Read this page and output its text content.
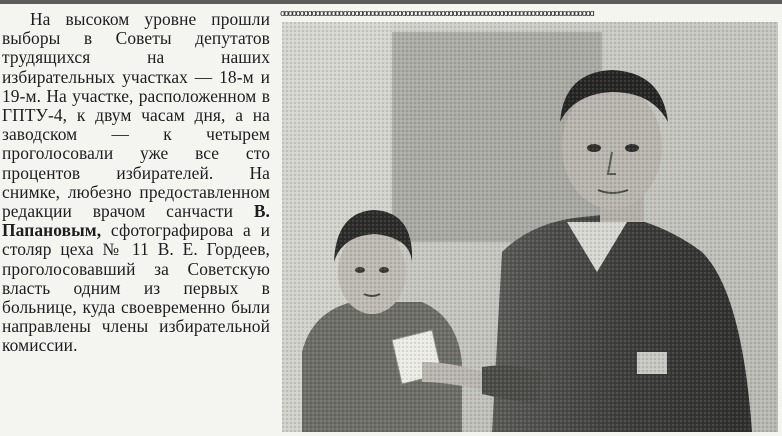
На высоком уровне прошли выборы в Советы депутатов трудящихся на наших избирательных участках — 18-м и 19-м. На участке, расположенном в ГПТУ-4, к двум часам дня, а на заводском — к четырем проголосовали уже все сто процентов избирателей. На снимке, любезно предоставленном редакции врачом санчасти В. Папановым, сфотографирова а и столяр цеха № 11 В. Е. Гордеев, проголосовавший за Советскую власть одним из первых в больнице, куда своевременно были направлены члены избирательной комиссии.

ɑɑɑɑɑɑɑɑɑɑɑɑɑɑɑɑɑɑɑɑɑɑɑɑɑɑɑɑɑɑɑɑɑɑɑɑɑɑɑɑɑɑɑɑɑɑɑɑɑɑɑɑɑɑɑɑɑɑɑɑɑɑɑɑɑɑɑɑɑɑɑɑɑɑɑɑɑɑɑɑ
